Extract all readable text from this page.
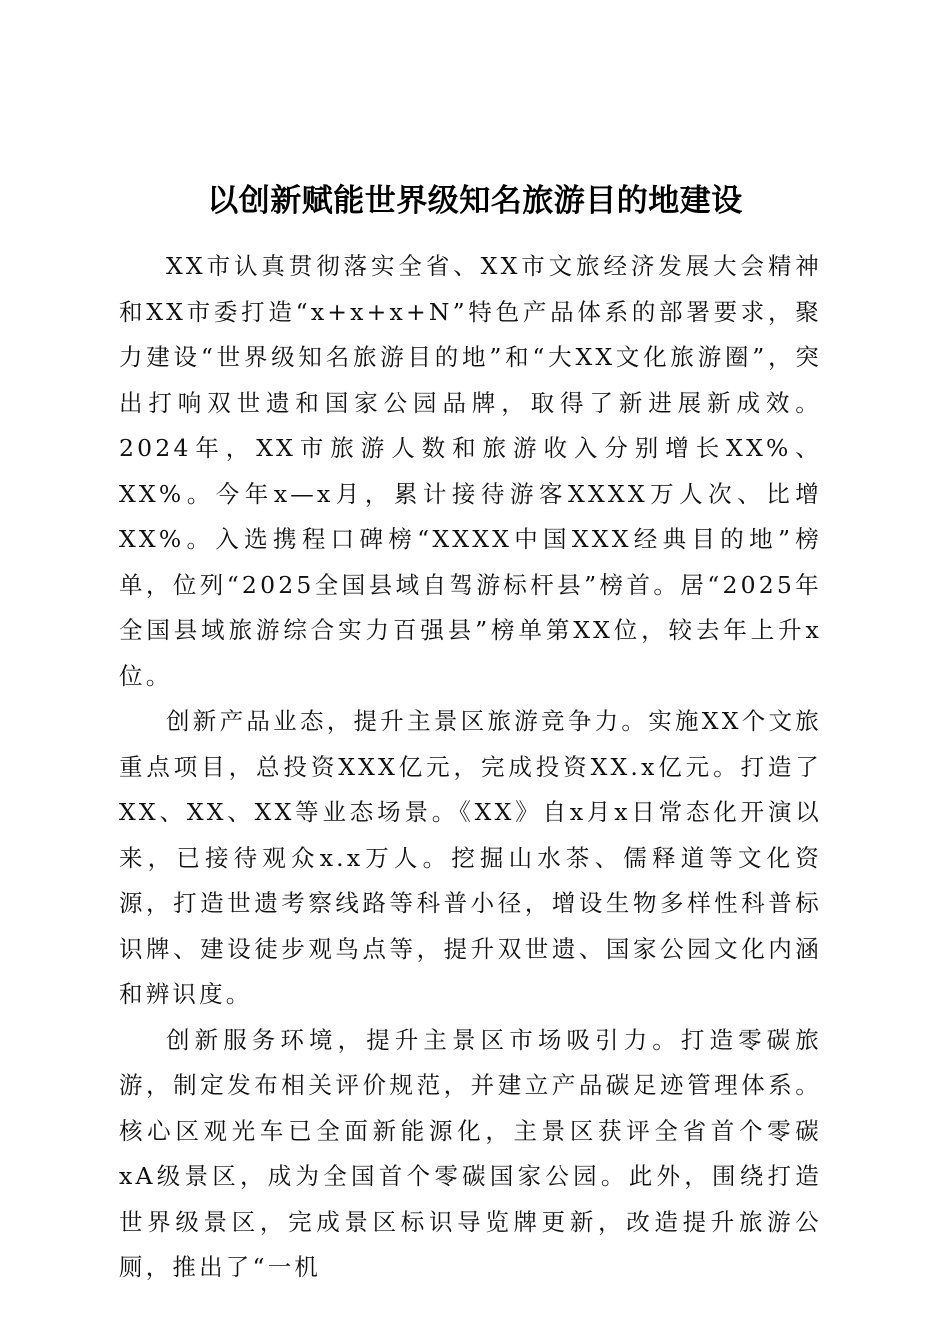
以创新赋能世界级知名旅游目的地建设

XX市认真贯彻落实全省、XX市文旅经济发展大会精神和XX市委打造“x+x+x+N”特色产品体系的部署要求，聚力建设“世界级知名旅游目的地”和“大XX文化旅游圈”，突出打响双世遗和国家公园品牌，取得了新进展新成效。2024年，XX市旅游人数和旅游收入分别增长XX%、XX%。今年x—x月，累计接待游客XXXX万人次、比增XX%。入选携程口碑榜“XXXX中国XXX经典目的地”榜单，位列“2025全国县域自驾游标杆县”榜首。居“2025年全国县域旅游综合实力百强县”榜单第XX位，较去年上升x位。

创新产品业态，提升主景区旅游竞争力。实施XX个文旅重点项目，总投资XXX亿元，完成投资XX.x亿元。打造了XX、XX、XX等业态场景。《XX》自x月x日常态化开演以来，已接待观众x.x万人。挖掘山水茶、儒释道等文化资源，打造世遗考察线路等科普小径，增设生物多样性科普标识牌、建设徒步观鸟点等，提升双世遗、国家公园文化内涵和辨识度。

创新服务环境，提升主景区市场吸引力。打造零碳旅游，制定发布相关评价规范，并建立产品碳足迹管理体系。核心区观光车已全面新能源化，主景区获评全省首个零碳xA级景区，成为全国首个零碳国家公园。此外，围绕打造世界级景区，完成景区标识导览牌更新，改造提升旅游公厕，推出了“一机
